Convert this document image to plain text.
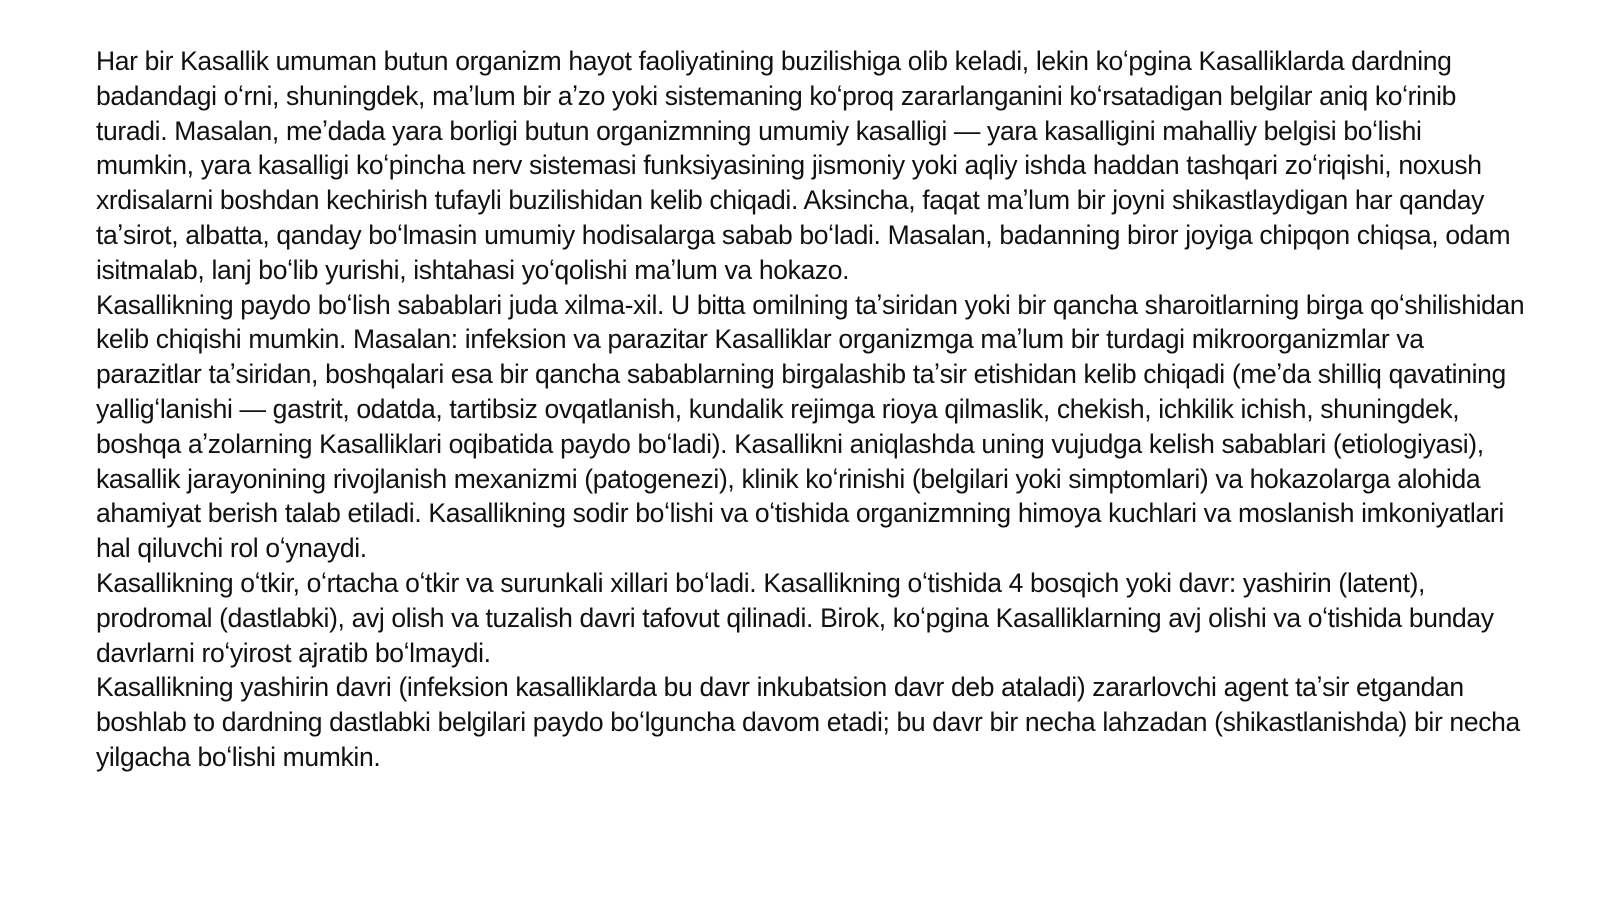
Har bir Kasallik umuman butun organizm hayot faoliyatining buzilishiga olib keladi, lekin koʻpgina Kasalliklarda dardning badandagi oʻrni, shuningdek, maʼlum bir aʼzo yoki sistemaning koʻproq zararlanganini koʻrsatadigan belgilar aniq koʻrinib turadi. Masalan, meʼdada yara borligi butun organizmning umumiy kasalligi — yara kasalligini mahalliy belgisi boʻlishi mumkin, yara kasalligi koʻpincha nerv sistemasi funksiyasining jismoniy yoki aqliy ishda haddan tashqari zoʻriqishi, noxush xrdisalarni boshdan kechirish tufayli buzilishidan kelib chiqadi. Aksincha, faqat maʼlum bir joyni shikastlaydigan har qanday taʼsirot, albatta, qanday boʻlmasin umumiy hodisalarga sabab boʻladi. Masalan, badanning biror joyiga chipqon chiqsa, odam isitmalab, lanj boʻlib yurishi, ishtahasi yoʻqolishi maʼlum va hokazo.

Kasallikning paydo boʻlish sabablari juda xilma-xil. U bitta omilning taʼsiridan yoki bir qancha sharoitlarning birga qoʻshilishidan kelib chiqishi mumkin. Masalan: infeksion va parazitar Kasalliklar organizmga maʼlum bir turdagi mikroorganizmlar va parazitlar taʼsiridan, boshqalari esa bir qancha sabablarning birgalashib taʼsir etishidan kelib chiqadi (meʼda shilliq qavatining yalligʻlanishi — gastrit, odatda, tartibsiz ovqatlanish, kundalik rejimga rioya qilmaslik, chekish, ichkilik ichish, shuningdek, boshqa aʼzolarning Kasalliklari oqibatida paydo boʻladi). Kasallikni aniqlashda uning vujudga kelish sabablari (etiologiyasi), kasallik jarayonining rivojlanish mexanizmi (patogenezi), klinik koʻrinishi (belgilari yoki simptomlari) va hokazolarga alohida ahamiyat berish talab etiladi. Kasallikning sodir boʻlishi va oʻtishida organizmning himoya kuchlari va moslanish imkoniyatlari hal qiluvchi rol oʻynaydi.

Kasallikning oʻtkir, oʻrtacha oʻtkir va surunkali xillari boʻladi. Kasallikning oʻtishida 4 bosqich yoki davr: yashirin (latent), prodromal (dastlabki), avj olish va tuzalish davri tafovut qilinadi. Birok, koʻpgina Kasalliklarning avj olishi va oʻtishida bunday davrlarni roʻyirost ajratib boʻlmaydi.

Kasallikning yashirin davri (infeksion kasalliklarda bu davr inkubatsion davr deb ataladi) zararlovchi agent taʼsir etgandan boshlab to dardning dastlabki belgilari paydo boʻlguncha davom etadi; bu davr bir necha lahzadan (shikastlanishda) bir necha yilgacha boʻlishi mumkin.
